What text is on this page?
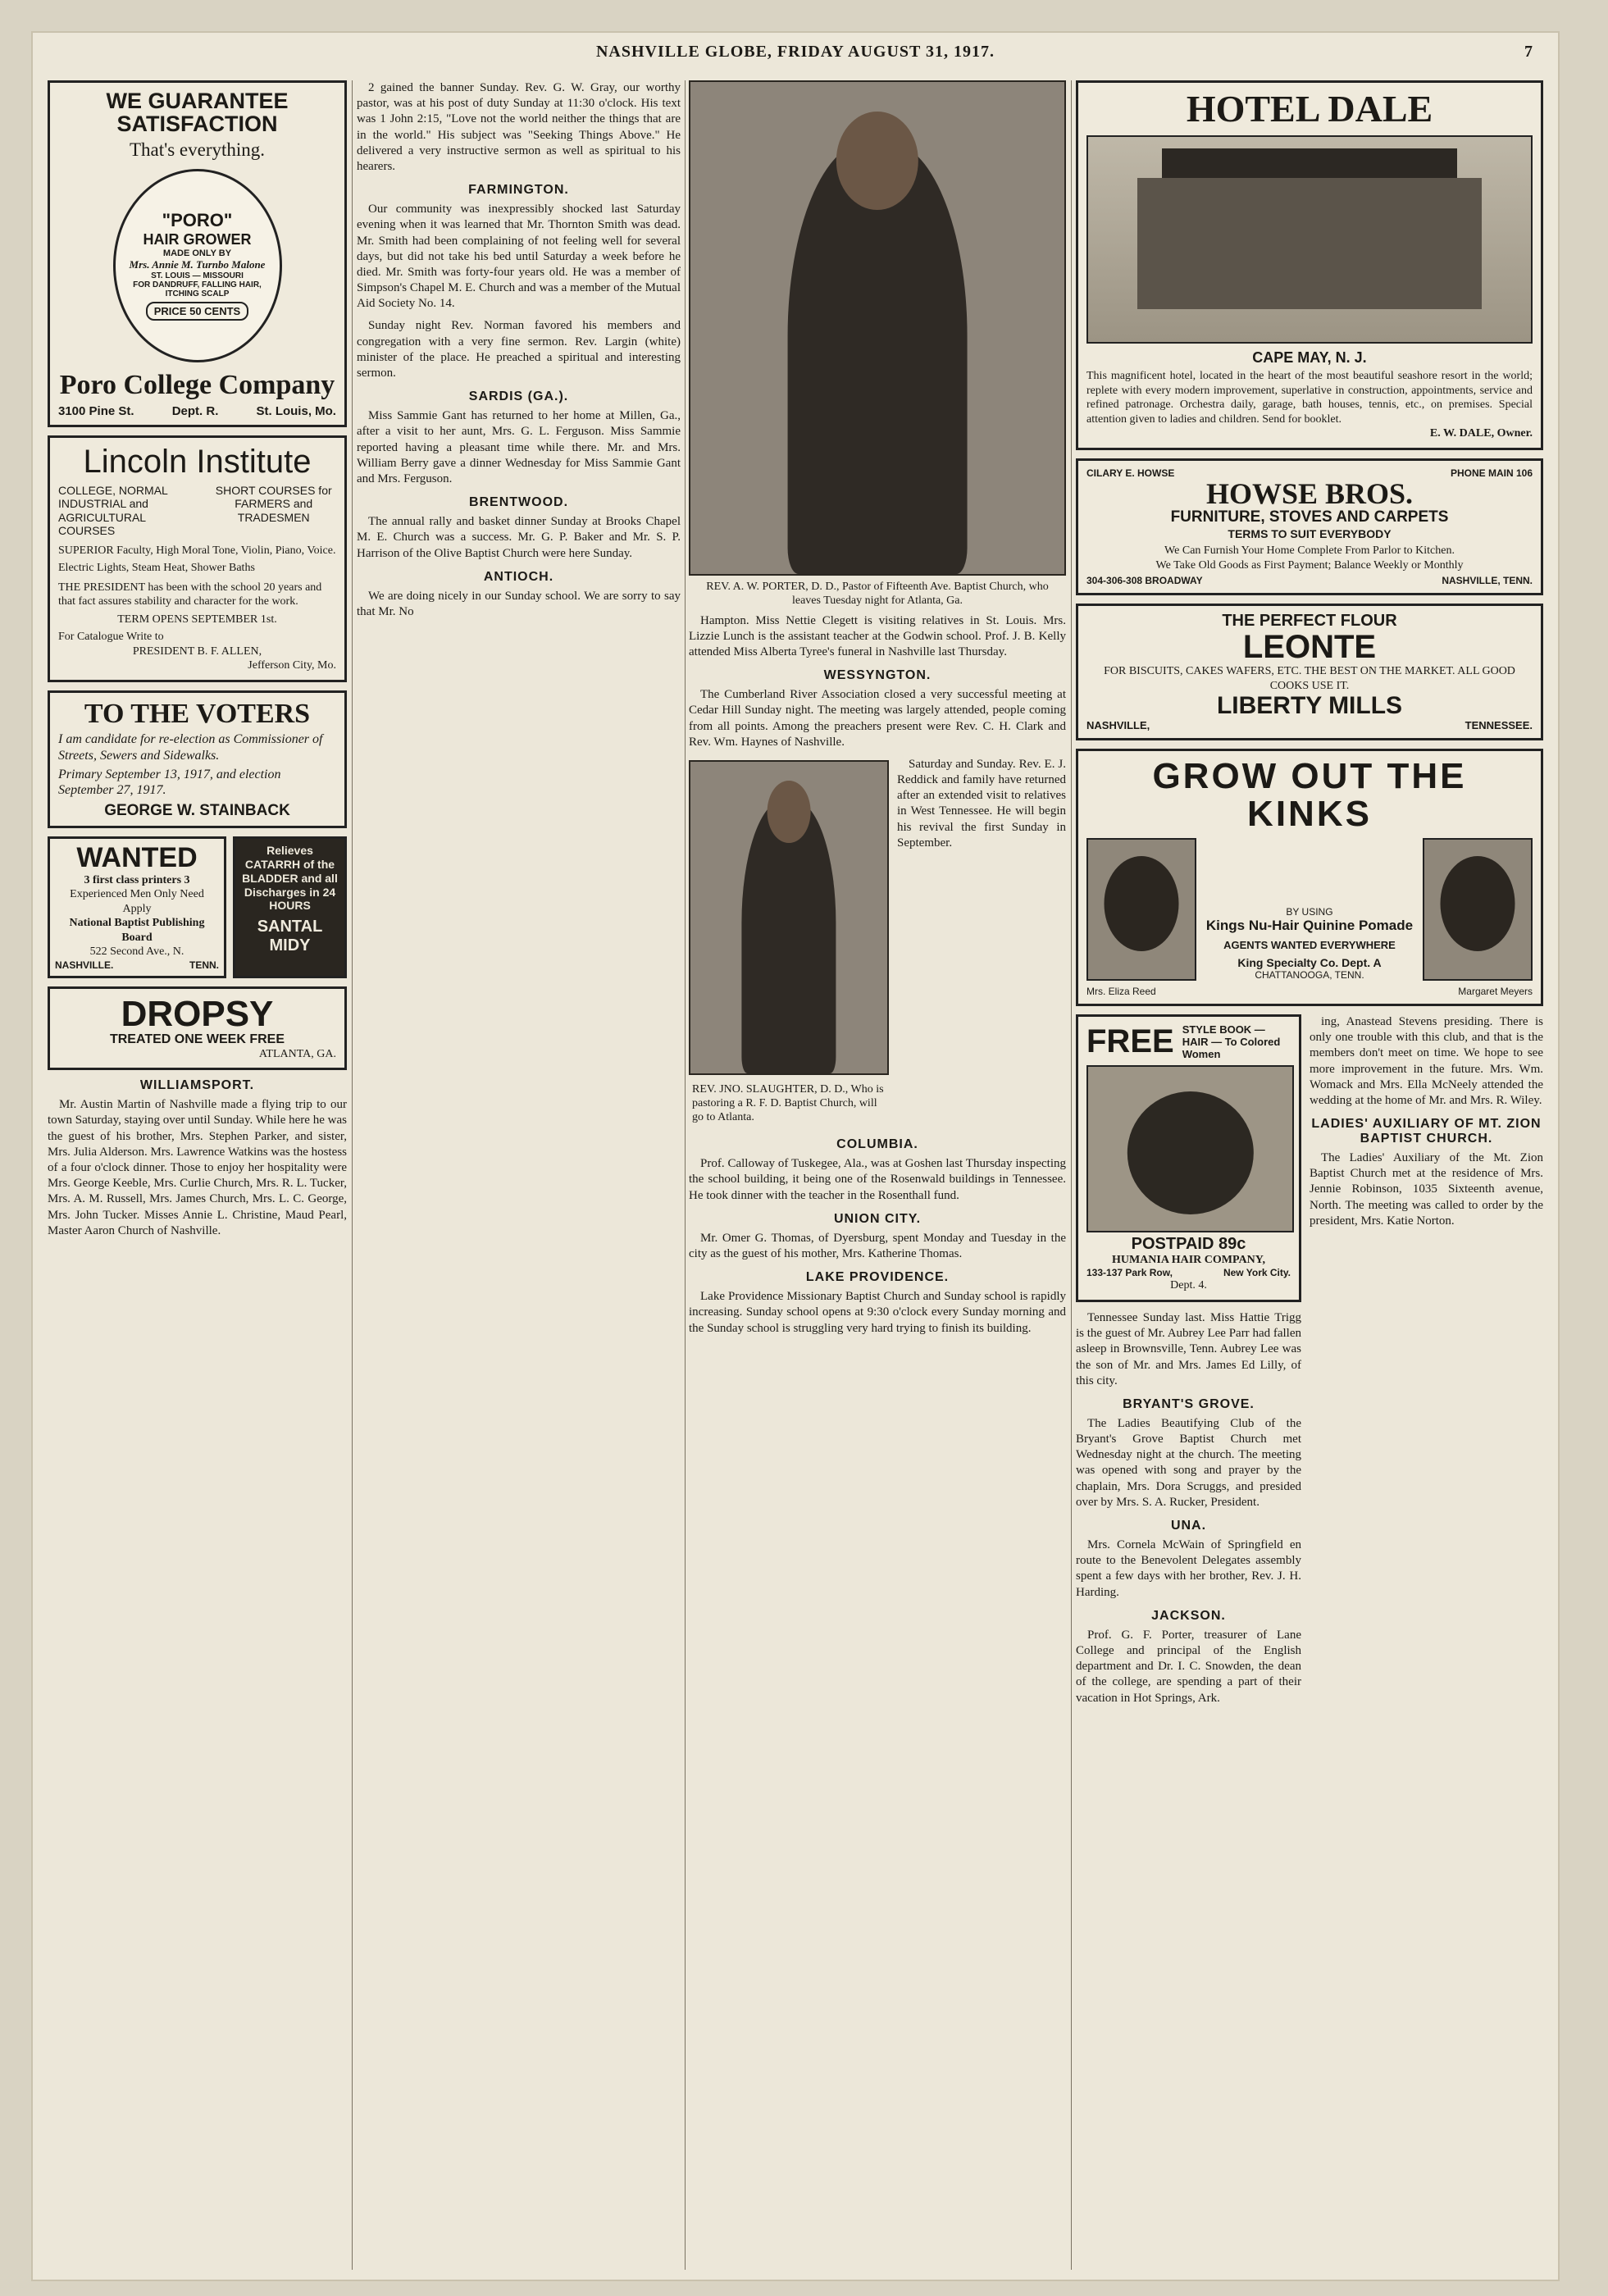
NASHVILLE GLOBE, FRIDAY AUGUST 31, 1917.	7
WE GUARANTEE SATISFACTION
That's everything.
"PORO"
HAIR GROWER
MADE ONLY BY
Mrs. Annie M. Turnbo Malone
ST. LOUIS — MISSOURI
FOR DANDRUFF, FALLING HAIR, ITCHING SCALP
PRICE 50 CENTS
Poro College Company
3100 Pine St.	Dept. R.	St. Louis, Mo.
Lincoln Institute
COLLEGE, NORMAL INDUSTRIAL and AGRICULTURAL COURSES
SHORT COURSES for FARMERS and TRADESMEN
SUPERIOR Faculty, High Moral Tone, Violin, Piano, Voice.
Electric Lights, Steam Heat, Shower Baths
THE PRESIDENT has been with the school 20 years and that fact assures stability and character for the work.
TERM OPENS SEPTEMBER 1st.
For Catalogue Write to
PRESIDENT B. F. ALLEN,
Jefferson City, Mo.
TO THE VOTERS
I am candidate for re-election as Commissioner of Streets, Sewers and Sidewalks.
Primary September 13, 1917, and election September 27, 1917.
GEORGE W. STAINBACK
WANTED
3 first class printers 3
Experienced Men Only Need Apply
National Baptist Publishing Board
522 Second Ave., N.
NASHVILLE.	TENN.
Relieves CATARRH of the BLADDER and all Discharges in 24 HOURS
SANTAL MIDY
DROPSY
TREATED ONE WEEK FREE
ATLANTA, GA.
WILLIAMSPORT.

Mr. Austin Martin of Nashville made a flying trip to our town Saturday, staying over until Sunday. While here he was the guest of his brother, Mrs. Stephen Parker, and sister, Mrs. Julia Alderson. Mrs. Lawrence Watkins was the hostess of a four o'clock dinner. Those to enjoy her hospitality were Mrs. George Keeble, Mrs. Curlie Church, Mrs. R. L. Tucker, Mrs. A. M. Russell, Mrs. James Church, Mrs. L. C. George, Mrs. John Tucker. Misses Annie L. Christine, Maud Pearl, Master Aaron Church of Nashville.

2 gained the banner Sunday. Rev. G. W. Gray, our worthy pastor, was at his post of duty Sunday at 11:30 o'clock. His text was 1 John 2:15, "Love not the world neither the things that are in the world." His subject was "Seeking Things Above." He delivered a very instructive sermon as well as spiritual to his hearers.

FARMINGTON.

Our community was inexpressibly shocked last Saturday evening when it was learned that Mr. Thornton Smith was dead. Mr. Smith had been complaining of not feeling well for several days, but did not take his bed until Saturday a week before he died. Mr. Smith was forty-four years old. He was a member of Simpson's Chapel M. E. Church and was a member of the Mutual Aid Society No. 14.

Sunday night Rev. Norman favored his members and congregation with a very fine sermon. Rev. Largin (white) minister of the place. He preached a spiritual and interesting sermon.

SARDIS (GA.).

Miss Sammie Gant has returned to her home at Millen, Ga., after a visit to her aunt, Mrs. G. L. Ferguson. Miss Sammie reported having a pleasant time while there. Mr. and Mrs. William Berry gave a dinner Wednesday for Miss Sammie Gant and Mrs. Ferguson.

BRENTWOOD.

The annual rally and basket dinner Sunday at Brooks Chapel M. E. Church was a success. Mr. G. P. Baker and Mr. S. P. Harrison of the Olive Baptist Church were here Sunday.

ANTIOCH.

We are doing nicely in our Sunday school. We are sorry to say that Mr. No

REV. A. W. PORTER, D. D., Pastor of Fifteenth Ave. Baptist Church, who leaves Tuesday night for Atlanta, Ga.

Hampton. Miss Nettie Clegett is visiting relatives in St. Louis. Mrs. Lizzie Lunch is the assistant teacher at the Godwin school. Prof. J. B. Kelly attended Miss Alberta Tyree's funeral in Nashville last Thursday.

WESSYNGTON.

The Cumberland River Association closed a very successful meeting at Cedar Hill Sunday night. The meeting was largely attended, people coming from all points. Among the preachers present were Rev. C. H. Clark and Rev. Wm. Haynes of Nashville.

Saturday and Sunday. Rev. E. J. Reddick and family have returned after an extended visit to relatives in West Tennessee. He will begin his revival the first Sunday in September.

REV. JNO. SLAUGHTER, D. D., Who is pastoring a R. F. D. Baptist Church, will go to Atlanta.
COLUMBIA.

Prof. Calloway of Tuskegee, Ala., was at Goshen last Thursday inspecting the school building, it being one of the Rosenwald buildings in Tennessee. He took dinner with the teacher in the Rosenthall fund.

UNION CITY.

Mr. Omer G. Thomas, of Dyersburg, spent Monday and Tuesday in the city as the guest of his mother, Mrs. Katherine Thomas.

LAKE PROVIDENCE.

Lake Providence Missionary Baptist Church and Sunday school is rapidly increasing. Sunday school opens at 9:30 o'clock every Sunday morning and the Sunday school is struggling very hard trying to finish its building.

HOTEL DALE
CAPE MAY, N. J.
This magnificent hotel, located in the heart of the most beautiful seashore resort in the world; replete with every modern improvement, superlative in construction, appointments, service and refined patronage. Orchestra daily, garage, bath houses, tennis, etc., on premises. Special attention given to ladies and children. Send for booklet.
E. W. DALE, Owner.
CILARY E. HOWSE	PHONE MAIN 106
HOWSE BROS.
FURNITURE, STOVES AND CARPETS
TERMS TO SUIT EVERYBODY
We Can Furnish Your Home Complete From Parlor to Kitchen.
We Take Old Goods as First Payment; Balance Weekly or Monthly
304-306-308 BROADWAY	NASHVILLE, TENN.
THE PERFECT FLOUR
LEONTE
FOR BISCUITS, CAKES WAFERS, ETC. THE BEST ON THE MARKET. ALL GOOD COOKS USE IT.
LIBERTY MILLS
NASHVILLE,	TENNESSEE.
GROW OUT THE KINKS
BY USING
Kings Nu-Hair Quinine Pomade
AGENTS WANTED EVERYWHERE
King Specialty Co. Dept. A
CHATTANOOGA, TENN.
Mrs. Eliza Reed	Margaret Meyers
FREE STYLE BOOK — HAIR — To Colored Women
POSTPAID 89c
HUMANIA HAIR COMPANY,
133-137 Park Row,	New York City.
Dept. 4.

Tennessee Sunday last. Miss Hattie Trigg is the guest of Mr. Aubrey Lee Parr had fallen asleep in Brownsville, Tenn. Aubrey Lee was the son of Mr. and Mrs. James Ed Lilly, of this city.

BRYANT'S GROVE.

The Ladies Beautifying Club of the Bryant's Grove Baptist Church met Wednesday night at the church. The meeting was opened with song and prayer by the chaplain, Mrs. Dora Scruggs, and presided over by Mrs. S. A. Rucker, President.

UNA.

Mrs. Cornela McWain of Springfield en route to the Benevolent Delegates assembly spent a few days with her brother, Rev. J. H. Harding.

JACKSON.

Prof. G. F. Porter, treasurer of Lane College and principal of the English department and Dr. I. C. Snowden, the dean of the college, are spending a part of their vacation in Hot Springs, Ark.

ing, Anastead Stevens presiding. There is only one trouble with this club, and that is the members don't meet on time. We hope to see more improvement in the future. Mrs. Wm. Womack and Mrs. Ella McNeely attended the wedding at the home of Mr. and Mrs. R. Wiley.

LADIES' AUXILIARY OF MT. ZION BAPTIST CHURCH.

The Ladies' Auxiliary of the Mt. Zion Baptist Church met at the residence of Mrs. Jennie Robinson, 1035 Sixteenth avenue, North. The meeting was called to order by the president, Mrs. Katie Norton.
